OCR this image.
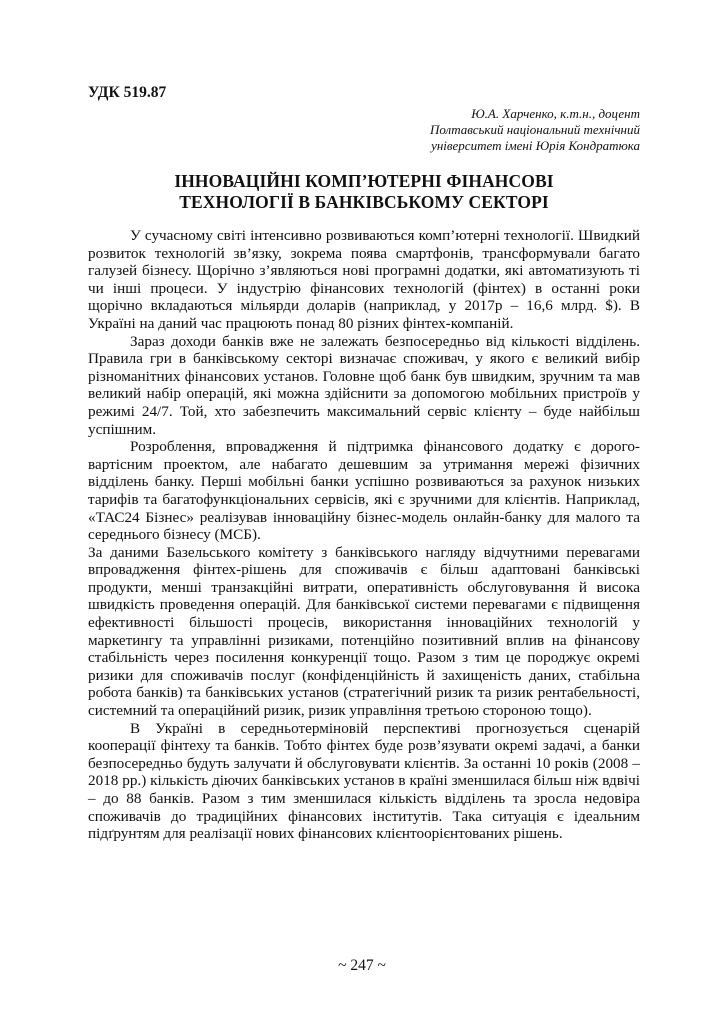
УДК 519.87

Ю.А. Харченко, к.т.н., доцент
Полтавський національний технічний
університет імені Юрія Кондратюка
ІННОВАЦІЙНІ КОМП’ЮТЕРНІ ФІНАНСОВІ
ТЕХНОЛОГІЇ В БАНКІВСЬКОМУ СЕКТОРІ

У сучасному світі інтенсивно розвиваються комп’ютерні технології. Швидкий розвиток технологій зв’язку, зокрема поява смартфонів, трансформували багато галузей бізнесу. Щорічно з’являються нові програмні додатки, які автоматизують ті чи інші процеси. У індустрію фінансових технологій (фінтех) в останні роки щорічно вкладаються мільярди доларів (наприклад, у 2017р – 16,6 млрд. $). В Україні на даний час працюють понад 80 різних фінтех-компаній.

Зараз доходи банків вже не залежать безпосередньо від кількості відділень. Правила гри в банківському секторі визначає споживач, у якого є великий вибір різноманітних фінансових установ. Головне щоб банк був швидким, зручним та мав великий набір операцій, які можна здійснити за допомогою мобільних пристроїв у режимі 24/7. Той, хто забезпечить максимальний сервіс клієнту – буде найбільш успішним.

Розроблення, впровадження й підтримка фінансового додатку є дорого- вартісним проектом, але набагато дешевшим за утримання мережі фізичних відділень банку. Перші мобільні банки успішно розвиваються за рахунок низьких тарифів та багатофункціональних сервісів, які є зручними для клієнтів. Наприклад, «ТАС24 Бізнес» реалізував інноваційну бізнес-модель онлайн-банку для малого та середнього бізнесу (МСБ).

За даними Базельського комітету з банківського нагляду відчутними перевагами впровадження фінтех-рішень для споживачів є більш адаптовані банківські продукти, менші транзакційні витрати, оперативність обслуговування й висока швидкість проведення операцій. Для банківської системи перевагами є підвищення ефективності більшості процесів, використання інноваційних технологій у маркетингу та управлінні ризиками, потенційно позитивний вплив на фінансову стабільність через посилення конкуренції тощо. Разом з тим це породжує окремі ризики для споживачів послуг (конфіденційність й захищеність даних, стабільна робота банків) та банківських установ (стратегічний ризик та ризик рентабельності, системний та операційний ризик, ризик управління третьою стороною тощо).

В Україні в середньотерміновій перспективі прогнозується сценарій кооперації фінтеху та банків. Тобто фінтех буде розв’язувати окремі задачі, а банки безпосередньо будуть залучати й обслуговувати клієнтів. За останні 10 років (2008 – 2018 рр.) кількість діючих банківських установ в країні зменшилася більш ніж вдвічі – до 88 банків. Разом з тим зменшилася кількість відділень та зросла недовіра споживачів до традиційних фінансових інститутів. Така ситуація є ідеальним підґрунтям для реалізації нових фінансових клієнтоорієнтованих рішень.

~ 247 ~
